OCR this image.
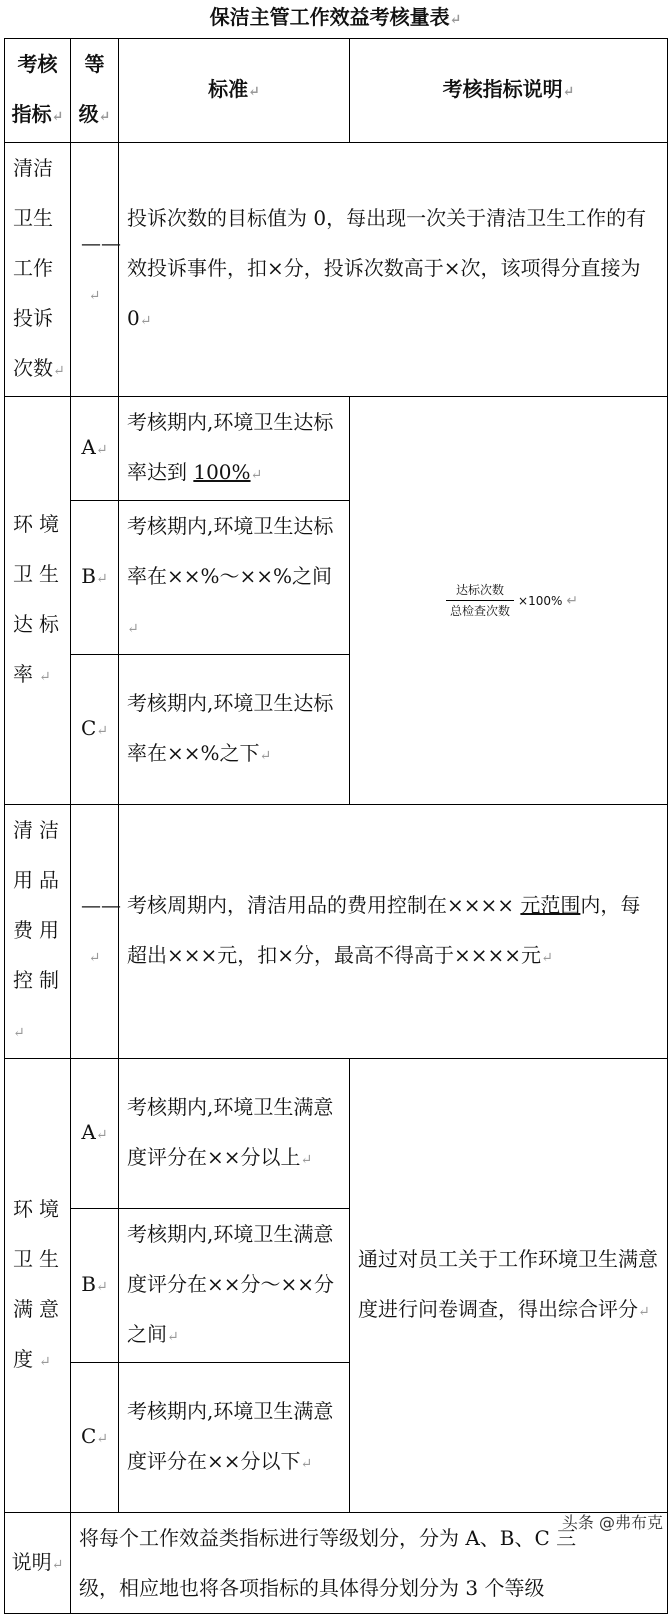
保洁主管工作效益考核量表↵
考核指标↵	等级↵	标准↵	考核指标说明↵
清洁卫生工作投诉次数↵	——↵	投诉次数的目标值为 0，每出现一次关于清洁卫生工作的有效投诉事件，扣×分，投诉次数高于×次，该项得分直接为 0↵	
环境卫生达标率↵	A↵	考核期内,环境卫生达标率达到 100%↵	$\frac{\text{达标次数}}{\text{总检查次数}} \times 100\%$ ↵
	B↵	考核期内,环境卫生达标率在××%～××%之间↵	
	C↵	考核期内,环境卫生达标率在××%之下↵	
清洁用品费用控制↵	——↵	考核周期内，清洁用品的费用控制在×××× 元范围内，每超出×××元，扣×分，最高不得高于××××元↵	
环境卫生满意度↵	A↵	考核期内,环境卫生满意度评分在××分以上↵	通过对员工关于工作环境卫生满意度进行问卷调查，得出综合评分↵
	B↵	考核期内,环境卫生满意度评分在××分～××分之间↵	
	C↵	考核期内,环境卫生满意度评分在××分以下↵	
说明↵	将每个工作效益类指标进行等级划分，分为 A、B、C 三级，相应地也将各项指标的具体得分划分为 3 个等级		
头条 @弗布克
